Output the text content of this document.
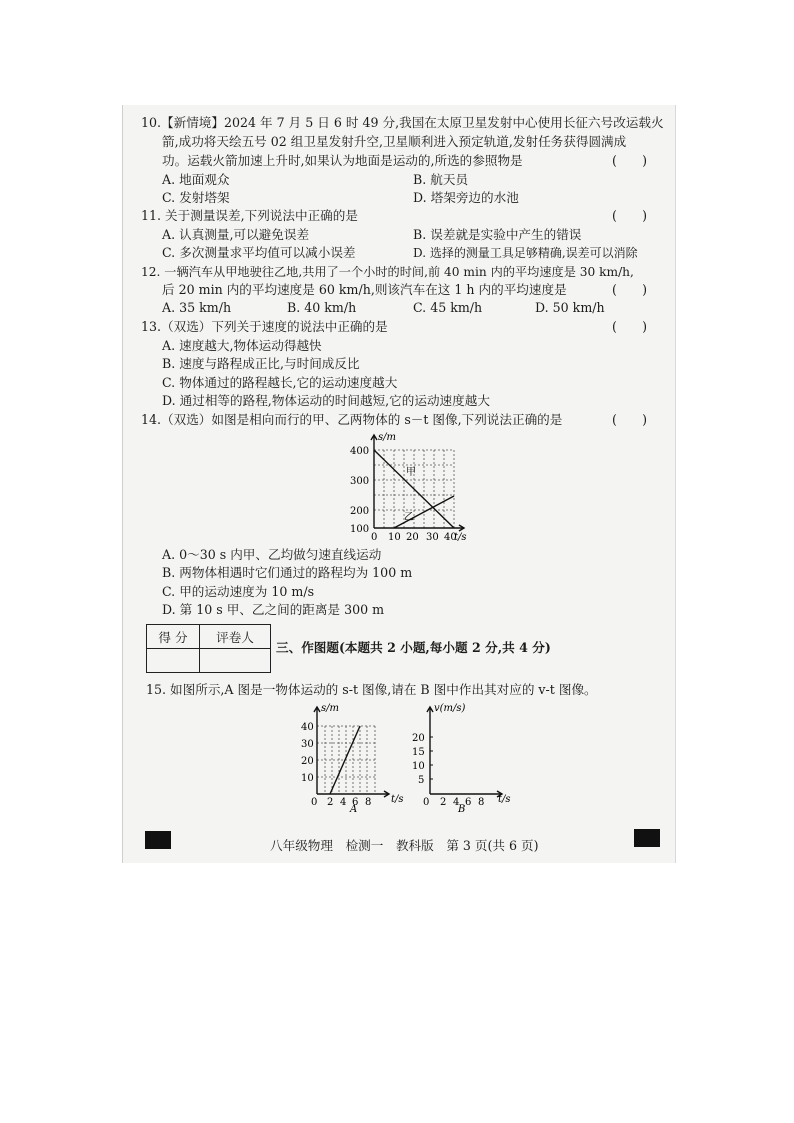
10.【新情境】2024 年 7 月 5 日 6 时 49 分,我国在太原卫星发射中心使用长征六号改运载火
箭,成功将天绘五号 02 组卫星发射升空,卫星顺利进入预定轨道,发射任务获得圆满成
功。运载火箭加速上升时,如果认为地面是运动的,所选的参照物是	(　　)
A. 地面观众	B. 航天员
C. 发射塔架	D. 塔架旁边的水池
11. 关于测量误差,下列说法中正确的是	(　　)
A. 认真测量,可以避免误差	B. 误差就是实验中产生的错误
C. 多次测量求平均值可以减小误差	D. 选择的测量工具足够精确,误差可以消除
12. 一辆汽车从甲地驶往乙地,共用了一个小时的时间,前 40 min 内的平均速度是 30 km/h,
后 20 min 内的平均速度是 60 km/h,则该汽车在这 1 h 内的平均速度是	(　　)
A. 35 km/h	B. 40 km/h	C. 45 km/h	D. 50 km/h
13.（双选）下列关于速度的说法中正确的是	(　　)
A. 速度越大,物体运动得越快
B. 速度与路程成正比,与时间成反比
C. 物体通过的路程越长,它的运动速度越大
D. 通过相等的路程,物体运动的时间越短,它的运动速度越大
14.（双选）如图是相向而行的甲、乙两物体的 s－t 图像,下列说法正确的是	(　　)
s/m
t/s
400
300
200
100
0 10 20 30 40
甲
乙
A. 0～30 s 内甲、乙均做匀速直线运动
B. 两物体相遇时它们通过的路程均为 100 m
C. 甲的运动速度为 10 m/s
D. 第 10 s 甲、乙之间的距离是 300 m
得 分	评卷人

三、作图题(本题共 2 小题,每小题 2 分,共 4 分)
15. 如图所示,A 图是一物体运动的 s-t 图像,请在 B 图中作出其对应的 v-t 图像。
s/m
t/s
40
30
20
10
0 2 4 6 8
A
v(m/s)
t/s
20
15
10
5
0 2 4 6 8
B
八年级物理　检测一　教科版　第 3 页(共 6 页)
